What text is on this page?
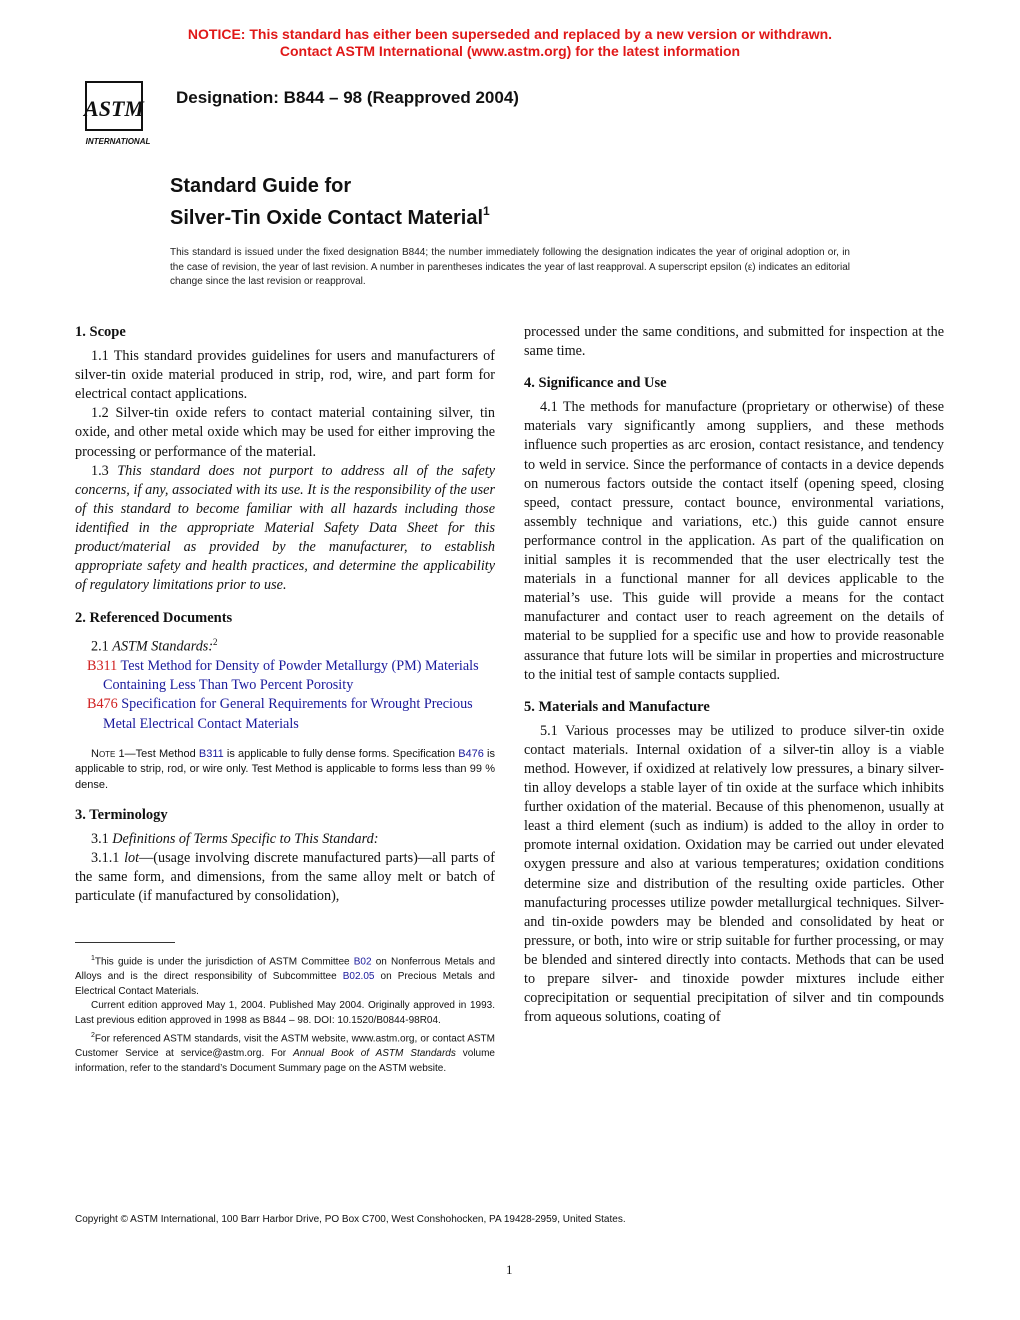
NOTICE: This standard has either been superseded and replaced by a new version or withdrawn.
Contact ASTM International (www.astm.org) for the latest information
ASTM
INTERNATIONAL
Designation: B844 – 98 (Reapproved 2004)
Standard Guide for
Silver-Tin Oxide Contact Material$^1$
This standard is issued under the fixed designation B844; the number immediately following the designation indicates the year of original adoption or, in the case of revision, the year of last revision. A number in parentheses indicates the year of last reapproval. A superscript epsilon (ε) indicates an editorial change since the last revision or reapproval.

1. Scope

1.1 This standard provides guidelines for users and manufacturers of silver-tin oxide material produced in strip, rod, wire, and part form for electrical contact applications.

1.2 Silver-tin oxide refers to contact material containing silver, tin oxide, and other metal oxide which may be used for either improving the processing or performance of the material.

1.3 This standard does not purport to address all of the safety concerns, if any, associated with its use. It is the responsibility of the user of this standard to become familiar with all hazards including those identified in the appropriate Material Safety Data Sheet for this product/material as provided by the manufacturer, to establish appropriate safety and health practices, and determine the applicability of regulatory limitations prior to use.

2. Referenced Documents

2.1 ASTM Standards:$^2$

B311 Test Method for Density of Powder Metallurgy (PM) Materials Containing Less Than Two Percent Porosity

B476 Specification for General Requirements for Wrought Precious Metal Electrical Contact Materials

Note 1—Test Method B311 is applicable to fully dense forms. Specification B476 is applicable to strip, rod, or wire only. Test Method is applicable to forms less than 99 % dense.

3. Terminology

3.1 Definitions of Terms Specific to This Standard:

3.1.1 lot—(usage involving discrete manufactured parts)—all parts of the same form, and dimensions, from the same alloy melt or batch of particulate (if manufactured by consolidation),

$^1$This guide is under the jurisdiction of ASTM Committee B02 on Nonferrous Metals and Alloys and is the direct responsibility of Subcommittee B02.05 on Precious Metals and Electrical Contact Materials.

Current edition approved May 1, 2004. Published May 2004. Originally approved in 1993. Last previous edition approved in 1998 as B844 – 98. DOI: 10.1520/B0844-98R04.

$^2$For referenced ASTM standards, visit the ASTM website, www.astm.org, or contact ASTM Customer Service at service@astm.org. For Annual Book of ASTM Standards volume information, refer to the standard’s Document Summary page on the ASTM website.

processed under the same conditions, and submitted for inspection at the same time.

4. Significance and Use

4.1 The methods for manufacture (proprietary or otherwise) of these materials vary significantly among suppliers, and these methods influence such properties as arc erosion, contact resistance, and tendency to weld in service. Since the performance of contacts in a device depends on numerous factors outside the contact itself (opening speed, closing speed, contact pressure, contact bounce, environmental variations, assembly technique and variations, etc.) this guide cannot ensure performance control in the application. As part of the qualification on initial samples it is recommended that the user electrically test the materials in a functional manner for all devices applicable to the material’s use. This guide will provide a means for the contact manufacturer and contact user to reach agreement on the details of material to be supplied for a specific use and how to provide reasonable assurance that future lots will be similar in properties and microstructure to the initial test of sample contacts supplied.

5. Materials and Manufacture

5.1 Various processes may be utilized to produce silver-tin oxide contact materials. Internal oxidation of a silver-tin alloy is a viable method. However, if oxidized at relatively low pressures, a binary silver-tin alloy develops a stable layer of tin oxide at the surface which inhibits further oxidation of the material. Because of this phenomenon, usually at least a third element (such as indium) is added to the alloy in order to promote internal oxidation. Oxidation may be carried out under elevated oxygen pressure and also at various temperatures; oxidation conditions determine size and distribution of the resulting oxide particles. Other manufacturing processes utilize powder metallurgical techniques. Silver- and tin-oxide powders may be blended and consolidated by heat or pressure, or both, into wire or strip suitable for further processing, or may be blended and sintered directly into contacts. Methods that can be used to prepare silver- and tinoxide powder mixtures include either coprecipitation or sequential precipitation of silver and tin compounds from aqueous solutions, coating of

Copyright © ASTM International, 100 Barr Harbor Drive, PO Box C700, West Conshohocken, PA 19428-2959, United States.
1
